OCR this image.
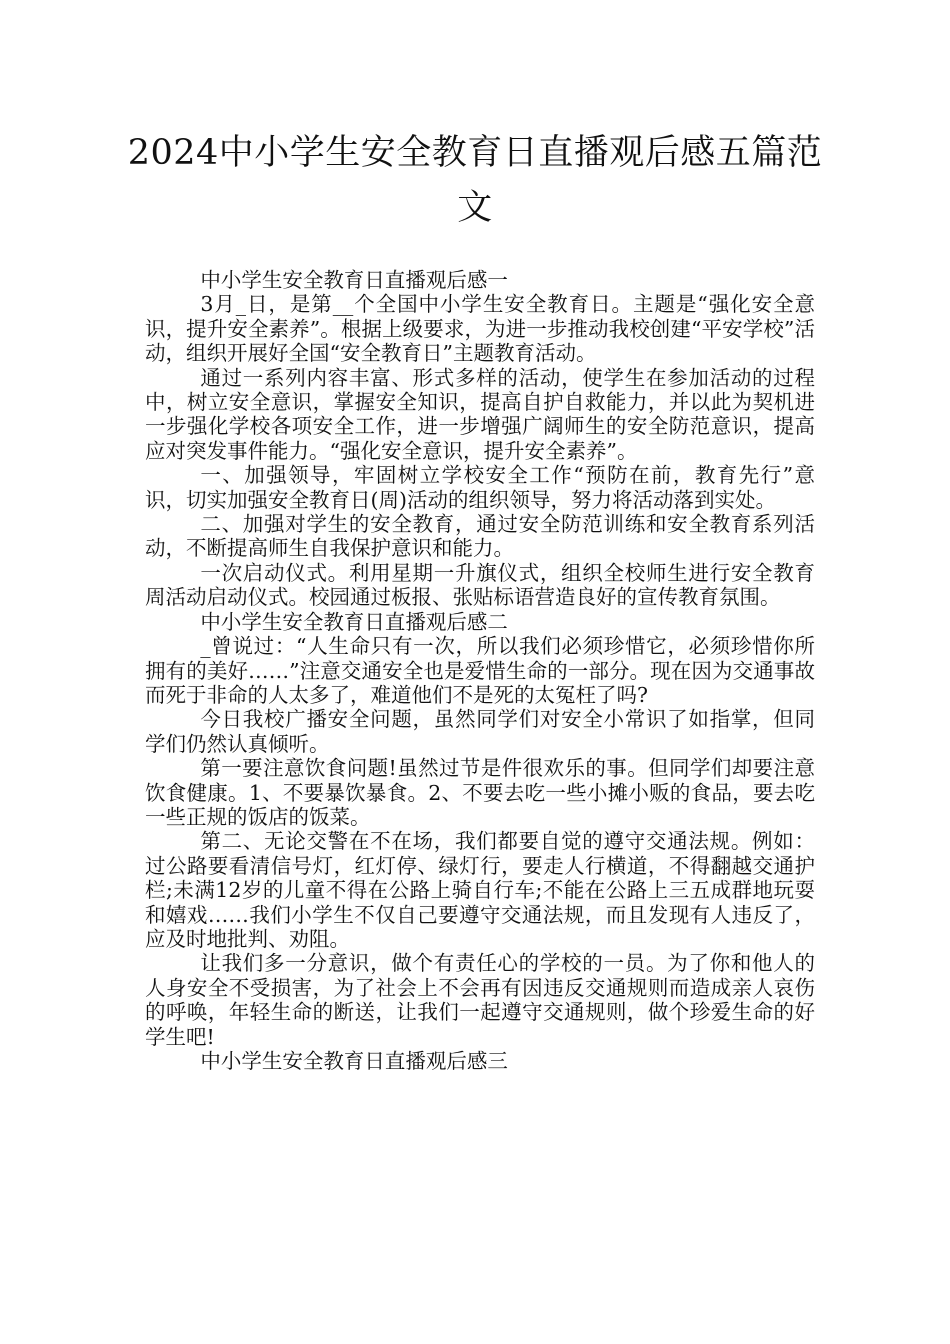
2024中小学生安全教育日直播观后感五篇范文

中小学生安全教育日直播观后感一

3月_日，是第__个全国中小学生安全教育日。主题是“强化安全意识，提升安全素养”。根据上级要求，为进一步推动我校创建“平安学校”活动，组织开展好全国“安全教育日”主题教育活动。

通过一系列内容丰富、形式多样的活动，使学生在参加活动的过程中，树立安全意识，掌握安全知识，提高自护自救能力，并以此为契机进一步强化学校各项安全工作，进一步增强广阔师生的安全防范意识，提高应对突发事件能力。“强化安全意识，提升安全素养”。

一、加强领导，牢固树立学校安全工作“预防在前，教育先行”意识，切实加强安全教育日(周)活动的组织领导，努力将活动落到实处。

二、加强对学生的安全教育，通过安全防范训练和安全教育系列活动，不断提高师生自我保护意识和能力。

一次启动仪式。利用星期一升旗仪式，组织全校师生进行安全教育周活动启动仪式。校园通过板报、张贴标语营造良好的宣传教育氛围。

中小学生安全教育日直播观后感二

_曾说过：“人生命只有一次，所以我们必须珍惜它，必须珍惜你所拥有的美好……”注意交通安全也是爱惜生命的一部分。现在因为交通事故而死于非命的人太多了，难道他们不是死的太冤枉了吗?

今日我校广播安全问题，虽然同学们对安全小常识了如指掌，但同学们仍然认真倾听。

第一要注意饮食问题!虽然过节是件很欢乐的事。但同学们却要注意饮食健康。1、不要暴饮暴食。2、不要去吃一些小摊小贩的食品，要去吃一些正规的饭店的饭菜。

第二、无论交警在不在场，我们都要自觉的遵守交通法规。例如：过公路要看清信号灯，红灯停、绿灯行，要走人行横道，不得翻越交通护栏;未满12岁的儿童不得在公路上骑自行车;不能在公路上三五成群地玩耍和嬉戏……我们小学生不仅自己要遵守交通法规，而且发现有人违反了，应及时地批判、劝阻。

让我们多一分意识，做个有责任心的学校的一员。为了你和他人的人身安全不受损害，为了社会上不会再有因违反交通规则而造成亲人哀伤的呼唤，年轻生命的断送，让我们一起遵守交通规则，做个珍爱生命的好学生吧!

中小学生安全教育日直播观后感三
